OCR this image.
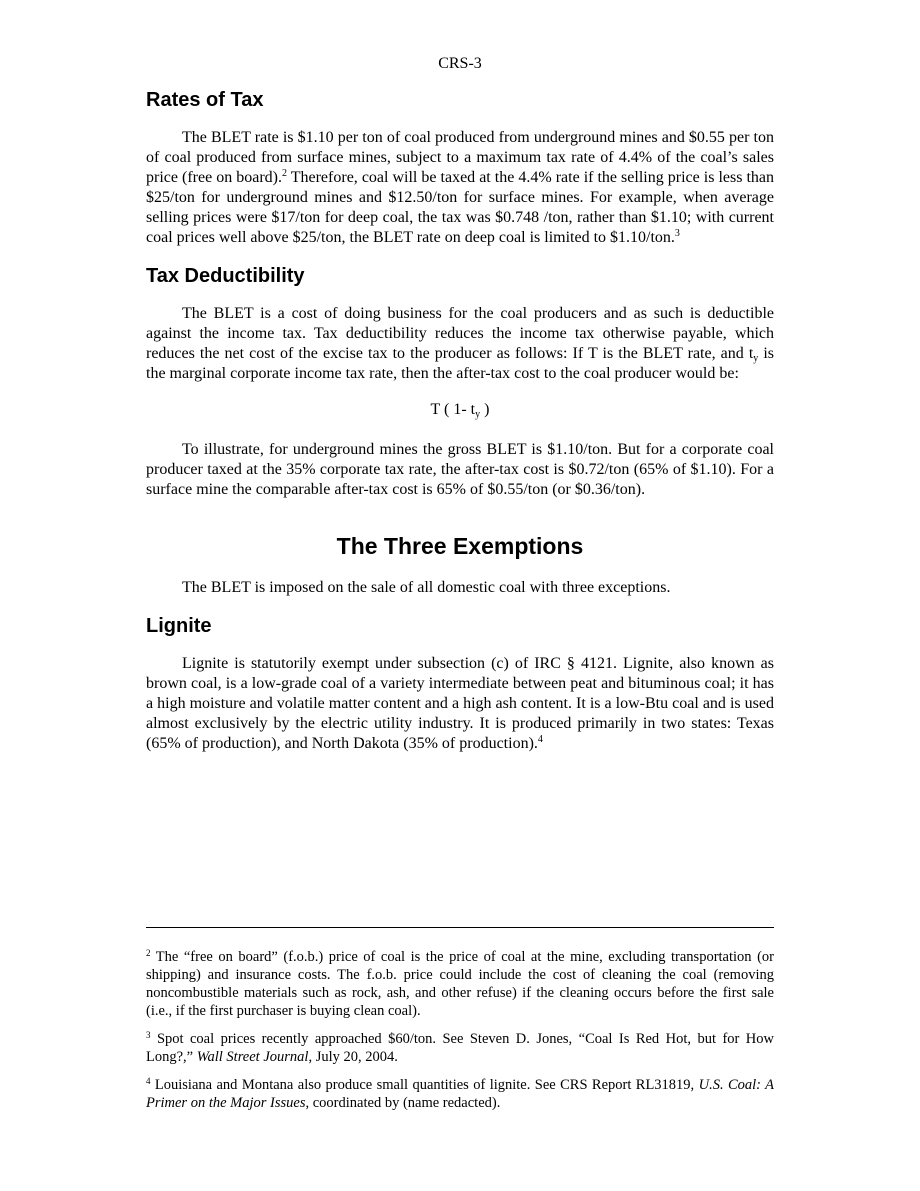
CRS-3
Rates of Tax

The BLET rate is $1.10 per ton of coal produced from underground mines and $0.55 per ton of coal produced from surface mines, subject to a maximum tax rate of 4.4% of the coal’s sales price (free on board).$^2$ Therefore, coal will be taxed at the 4.4% rate if the selling price is less than $25/ton for underground mines and $12.50/ton for surface mines. For example, when average selling prices were $17/ton for deep coal, the tax was $0.748 /ton, rather than $1.10; with current coal prices well above $25/ton, the BLET rate on deep coal is limited to $1.10/ton.$^3$

Tax Deductibility

The BLET is a cost of doing business for the coal producers and as such is deductible against the income tax. Tax deductibility reduces the income tax otherwise payable, which reduces the net cost of the excise tax to the producer as follows: If T is the BLET rate, and $t_y$ is the marginal corporate income tax rate, then the after-tax cost to the coal producer would be:

T ( 1- $t_y$ )

To illustrate, for underground mines the gross BLET is $1.10/ton. But for a corporate coal producer taxed at the 35% corporate tax rate, the after-tax cost is $0.72/ton (65% of $1.10). For a surface mine the comparable after-tax cost is 65% of $0.55/ton (or $0.36/ton).

The Three Exemptions

The BLET is imposed on the sale of all domestic coal with three exceptions.

Lignite

Lignite is statutorily exempt under subsection (c) of IRC § 4121. Lignite, also known as brown coal, is a low-grade coal of a variety intermediate between peat and bituminous coal; it has a high moisture and volatile matter content and a high ash content. It is a low-Btu coal and is used almost exclusively by the electric utility industry. It is produced primarily in two states: Texas (65% of production), and North Dakota (35% of production).$^4$

$^2$ The “free on board” (f.o.b.) price of coal is the price of coal at the mine, excluding transportation (or shipping) and insurance costs. The f.o.b. price could include the cost of cleaning the coal (removing noncombustible materials such as rock, ash, and other refuse) if the cleaning occurs before the first sale (i.e., if the first purchaser is buying clean coal).
$^3$ Spot coal prices recently approached $60/ton. See Steven D. Jones, “Coal Is Red Hot, but for How Long?,” Wall Street Journal, July 20, 2004.
$^4$ Louisiana and Montana also produce small quantities of lignite. See CRS Report RL31819, U.S. Coal: A Primer on the Major Issues, coordinated by (name redacted).
